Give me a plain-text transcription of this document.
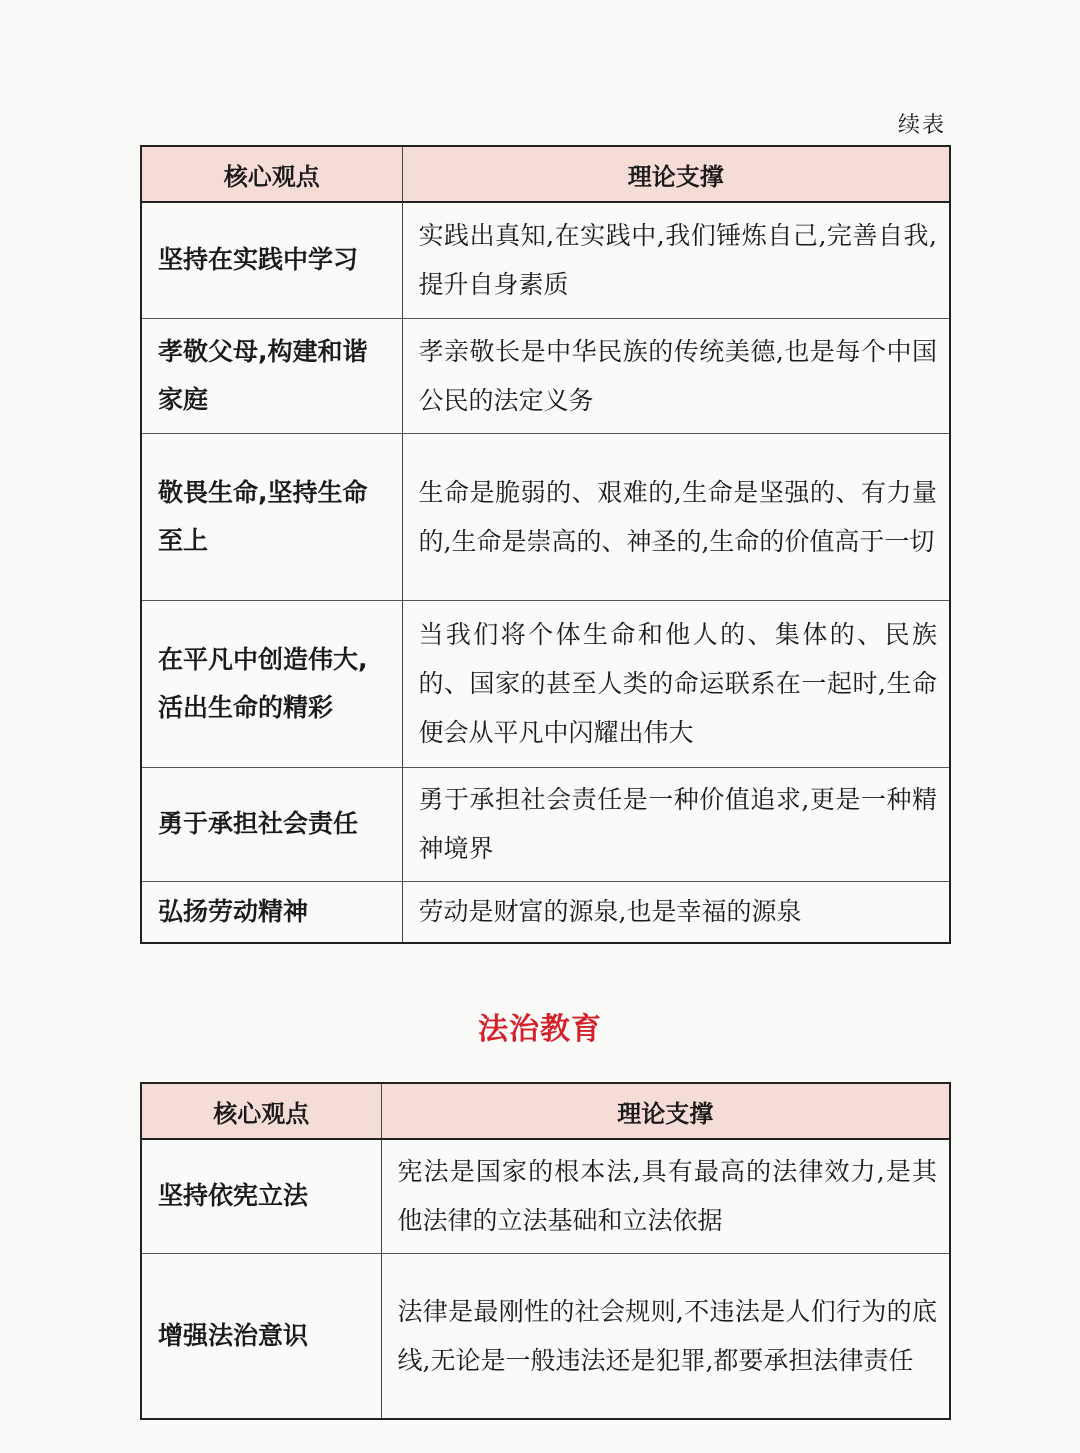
续表
核心观点	理论支撑
坚持在实践中学习	实践出真知,在实践中,我们锤炼自己,完善自我,提升自身素质
孝敬父母,构建和谐家庭	孝亲敬长是中华民族的传统美德,也是每个中国公民的法定义务
敬畏生命,坚持生命至上	生命是脆弱的、艰难的,生命是坚强的、有力量的,生命是崇高的、神圣的,生命的价值高于一切
在平凡中创造伟大,活出生命的精彩	当我们将个体生命和他人的、集体的、民族的、国家的甚至人类的命运联系在一起时,生命便会从平凡中闪耀出伟大
勇于承担社会责任	勇于承担社会责任是一种价值追求,更是一种精神境界
弘扬劳动精神	劳动是财富的源泉,也是幸福的源泉
法治教育
核心观点	理论支撑
坚持依宪立法	宪法是国家的根本法,具有最高的法律效力,是其他法律的立法基础和立法依据
增强法治意识	法律是最刚性的社会规则,不违法是人们行为的底线,无论是一般违法还是犯罪,都要承担法律责任
